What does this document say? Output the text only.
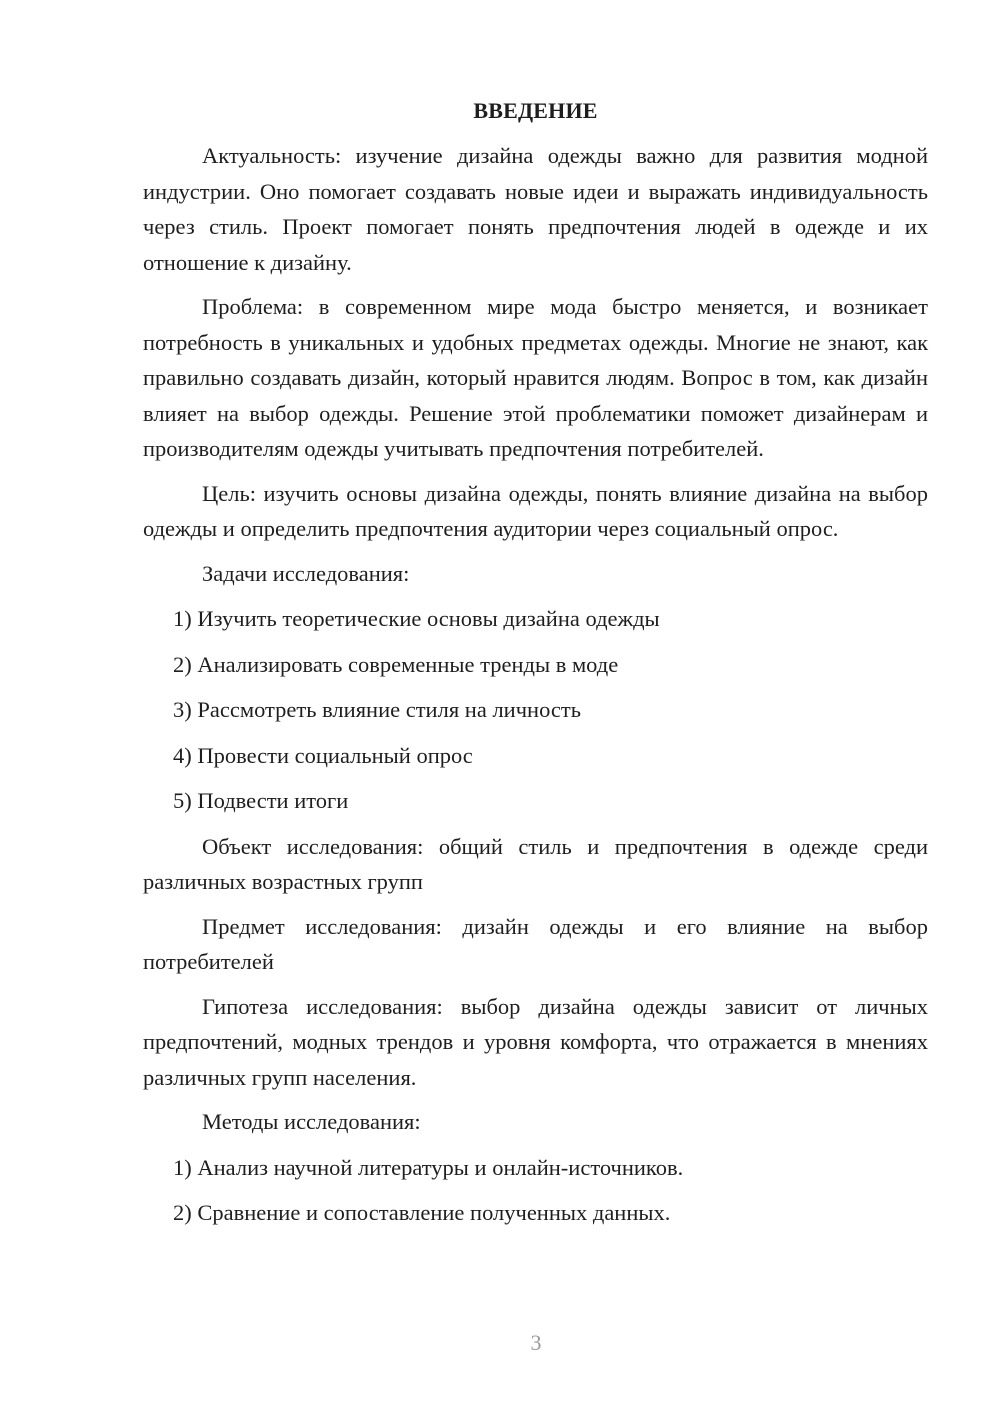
ВВЕДЕНИЕ

Актуальность: изучение дизайна одежды важно для развития модной индустрии. Оно помогает создавать новые идеи и выражать индивидуальность через стиль. Проект помогает понять предпочтения людей в одежде и их отношение к дизайну.

Проблема: в современном мире мода быстро меняется, и возникает потребность в уникальных и удобных предметах одежды. Многие не знают, как правильно создавать дизайн, который нравится людям. Вопрос в том, как дизайн влияет на выбор одежды. Решение этой проблематики поможет дизайнерам и производителям одежды учитывать предпочтения потребителей.

Цель: изучить основы дизайна одежды, понять влияние дизайна на выбор одежды и определить предпочтения аудитории через социальный опрос.

Задачи исследования:
1) Изучить теоретические основы дизайна одежды
2) Анализировать современные тренды в моде
3) Рассмотреть влияние стиля на личность
4) Провести социальный опрос
5) Подвести итоги

Объект исследования: общий стиль и предпочтения в одежде среди различных возрастных групп

Предмет исследования: дизайн одежды и его влияние на выбор потребителей

Гипотеза исследования: выбор дизайна одежды зависит от личных предпочтений, модных трендов и уровня комфорта, что отражается в мнениях различных групп населения.

Методы исследования:
1) Анализ научной литературы и онлайн-источников.
2) Сравнение и сопоставление полученных данных.
3
